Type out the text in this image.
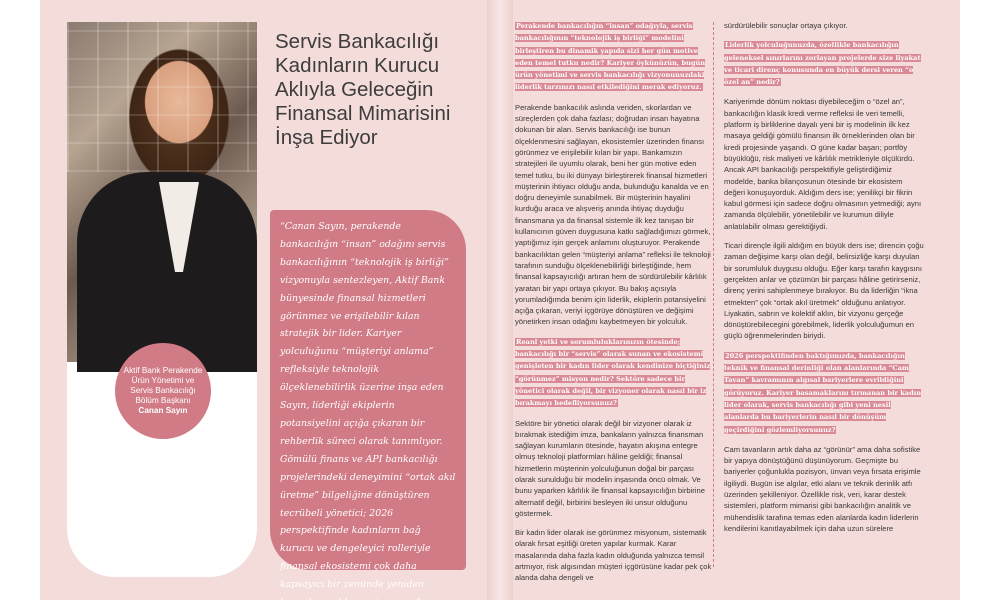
Aktif Bank Perakende Ürün Yönetimi ve Servis Bankacılığı Bölüm Başkanı
Canan Sayın
Servis Bankacılığı Kadınların Kurucu Aklıyla Geleceğin Finansal Mimarisini İnşa Ediyor
“Canan Sayın, perakende bankacılığın “insan” odağını servis bankacılığının “teknolojik iş birliği” vizyonuyla sentezleyen, Aktif Bank bünyesinde finansal hizmetleri görünmez ve erişilebilir kılan stratejik bir lider. Kariyer yolculuğunu “müşteriyi anlama” refleksiyle teknolojik ölçeklenebilirlik üzerine inşa eden Sayın, liderliği ekiplerin potansiyelini açığa çıkaran bir rehberlik süreci olarak tanımlıyor. Gömülü finans ve API bankacılığı projelerindeki deneyimini “ortak akıl üretme” bilgeliğine dönüştüren tecrübeli yönetici; 2026 perspektifinde kadınların bağ kurucu ve dengeleyici rolleriyle finansal ekosistemi çok daha kapsayıcı bir zeminde yeniden kurgulayacaklarına inanıyor.”

Perakende bankacılığın “insan” odağıyla, servis bankacılığının “teknolojik iş birliği” modelini birleştiren bu dinamik yapıda sizi her gün motive eden temel tutku nedir? Kariyer öykünüzün, bugün ürün yönetimi ve servis bankacılığı vizyonunuzdaki liderlik tarzınızı nasıl etkilediğini merak ediyoruz.

Perakende bankacılık aslında veriden, skorlardan ve süreçlerden çok daha fazlası; doğrudan insan hayatına dokunan bir alan. Servis bankacılığı ise bunun ölçeklenmesini sağlayan, ekosistemler üzerinden finansı görünmez ve erişilebilir kılan bir yapı. Bankamızın stratejileri ile uyumlu olarak, beni her gün motive eden temel tutku, bu iki dünyayı birleştirerek finansal hizmetleri müşterinin ihtiyacı olduğu anda, bulunduğu kanalda ve en doğru deneyimle sunabilmek. Bir müşterinin hayalini kurduğu araca ve alışveriş anında ihtiyaç duyduğu finansmana ya da finansal sistemle ilk kez tanışan bir kullanıcının güven duygusuna katkı sağladığımızı görmek, yaptığımız işin gerçek anlamını oluşturuyor. Perakende bankacılıktan gelen “müşteriyi anlama” refleksi ile teknoloji tarafının sunduğu ölçeklenebilirliği birleştiğinde, hem finansal kapsayıcılığı artıran hem de sürdürülebilir kârlılık yaratan bir yapı ortaya çıkıyor. Bu bakış açısıyla yorumladığımda benim için liderlik, ekiplerin potansiyelini açığa çıkaran, veriyi içgörüye dönüştüren ve değişimi yönetirken insan odağını kaybetmeyen bir yolculuk.

Reanl yetki ve sorumluluklarınızın ötesinde; bankacılığı bir “servis” olarak sunan ve ekosistemi genişleten bir kadın lider olarak kendinize biçtiğiniz “görünmez” misyon nedir? Sektöre sadece bir yönetici olarak değil, bir vizyoner olarak nasıl bir iz bırakmayı hedefliyorsunuz?

Sektöre bir yönetici olarak değil bir vizyoner olarak iz bırakmak istediğim imza, bankaların yalnızca finansman sağlayan kurumların ötesinde, hayatın akışına entegre olmuş teknoloji platformları hâline geldiği; finansal hizmetlerin müşterinin yolculuğunun doğal bir parçası olarak sunulduğu bir modelin inşasında öncü olmak. Ve bunu yaparken kârlılık ile finansal kapsayıcılığın birbirine alternatif değil, birbirini besleyen iki unsur olduğunu göstermek.

Bir kadın lider olarak ise görünmez misyonum, sistematik olarak fırsat eşitliği üreten yapılar kurmak. Karar masalarında daha fazla kadın olduğunda yalnızca temsil artmıyor, risk algısından müşteri içgörüsüne kadar pek çok alanda daha dengeli ve

sürdürülebilir sonuçlar ortaya çıkıyor.

Liderlik yolculuğunuzda, özellikle bankacılığın geleneksel sınırlarını zorlayan projelerde size liyakat ve ticari direnç konusunda en büyük dersi veren “o özel an” nedir?

Kariyerimde dönüm noktası diyebileceğim o “özel an”, bankacılığın klasik kredi verme refleksi ile veri temelli, platform iş birliklerine dayalı yeni bir iş modelinin ilk kez masaya geldiği gömülü finansın ilk örneklerinden olan bir kredi projesinde yaşandı. O güne kadar başarı; portföy büyüklüğü, risk maliyeti ve kârlılık metrikleriyle ölçülürdü. Ancak API bankacılığı perspektifiyle geliştirdiğimiz modelde, banka bilançosunun ötesinde bir ekosistem değeri konuşuyorduk. Aldığım ders ise; yenilikçi bir fikrin kabul görmesi için sadece doğru olmasının yetmediği; aynı zamanda ölçülebilir, yönetilebilir ve kurumun diliyle anlatılabilir olması gerektiğiydi.

Ticari dirençle ilgili aldığım en büyük ders ise; direncin çoğu zaman değişime karşı olan değil, belirsizliğe karşı duyulan bir sorumluluk duygusu olduğu. Eğer karşı tarafın kaygısını gerçekten anlar ve çözümün bir parçası hâline getirirseniz, direnç yerini sahiplenmeye bırakıyor. Bu da liderliğin “ikna etmekten” çok “ortak akıl üretmek” olduğunu anlatıyor. Liyakatin, sabrın ve kolektif aklın, bir vizyonu gerçeğe dönüştürebilecegini görebilmek, liderlik yolculuğumun en güçlü öğrenmelerinden biriydi.

2026 perspektifinden baktığımızda, bankacılığın teknik ve finansal derinliği olan alanlarında “Cam Tavan” kavramının algısal bariyerlere evrildiğini görüyoruz. Kariyer basamaklarını tırmanan bir kadın lider olarak, servis bankacılığı gibi yeni nesil alanlarda bu bariyerlerin nasıl bir dönüşüm geçirdiğini gözlemliyorsunuz?

Cam tavanların artık daha az “görünür” ama daha sofistike bir yapıya dönüştüğünü düşünüyorum. Geçmişte bu bariyerler çoğunlukla pozisyon, ünvan veya fırsata erişimle ilgiliydi. Bugün ise algılar, etki alanı ve teknik derinlik atfı üzerinden şekilleniyor. Özellikle risk, veri, karar destek sistemleri, platform mimarisi gibi bankacılığın analitik ve mühendislik tarafına temas eden alanlarda kadın liderlerin kendilerini kanıtlayabilmek için daha uzun sürelere
